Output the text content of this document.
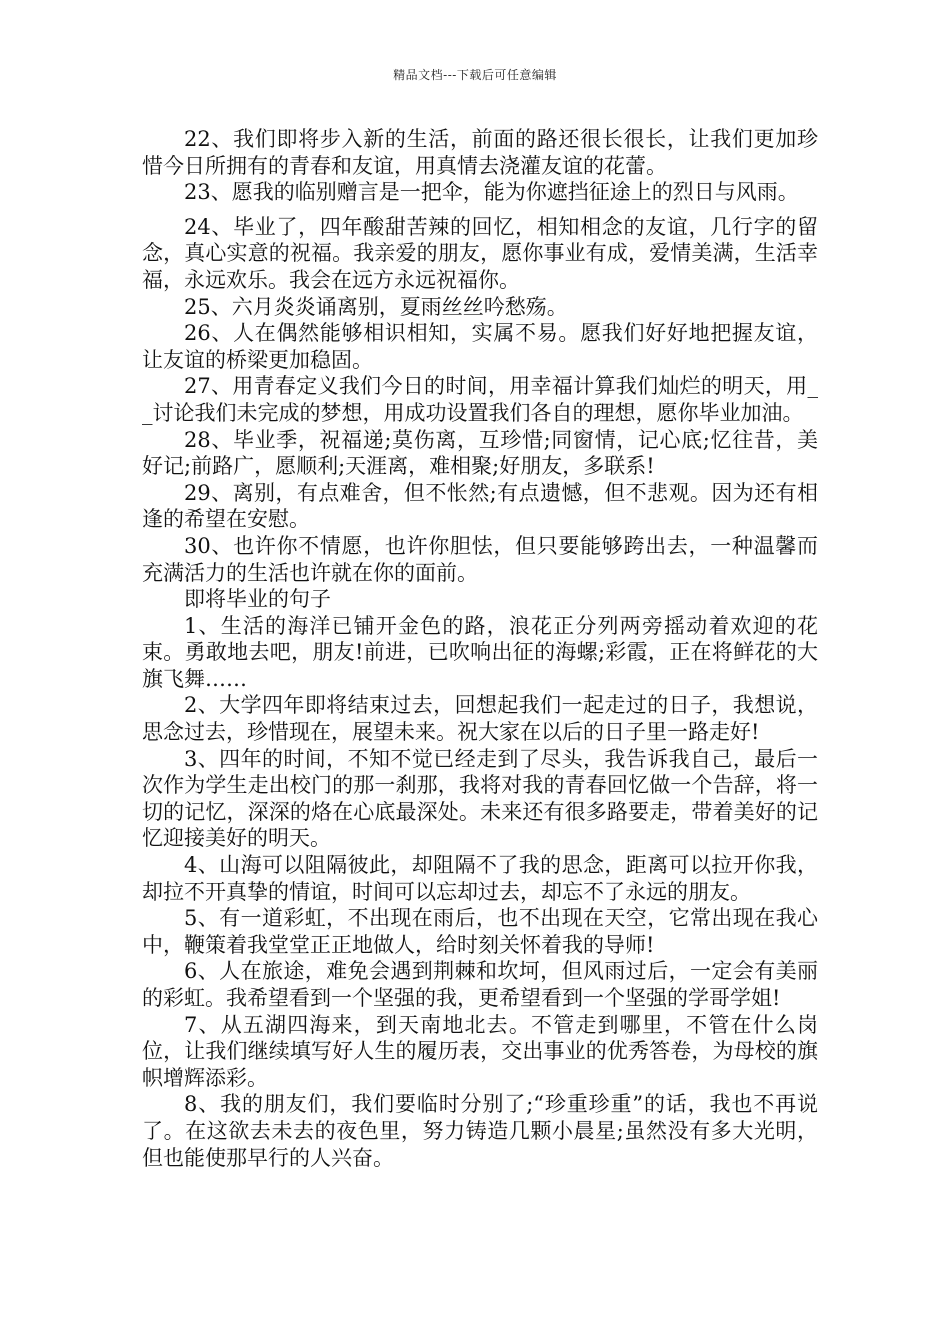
精品文档---下载后可任意编辑

22、我们即将步入新的生活，前面的路还很长很长，让我们更加珍惜今日所拥有的青春和友谊，用真情去浇灌友谊的花蕾。

23、愿我的临别赠言是一把伞，能为你遮挡征途上的烈日与风雨。

24、毕业了，四年酸甜苦辣的回忆，相知相念的友谊，几行字的留念，真心实意的祝福。我亲爱的朋友，愿你事业有成，爱情美满，生活幸福，永远欢乐。我会在远方永远祝福你。

25、六月炎炎诵离别，夏雨丝丝吟愁殇。

26、人在偶然能够相识相知，实属不易。愿我们好好地把握友谊，让友谊的桥梁更加稳固。

27、用青春定义我们今日的时间，用幸福计算我们灿烂的明天，用__讨论我们未完成的梦想，用成功设置我们各自的理想，愿你毕业加油。

28、毕业季，祝福递;莫伤离，互珍惜;同窗情，记心底;忆往昔，美好记;前路广，愿顺利;天涯离，难相聚;好朋友，多联系!

29、离别，有点难舍，但不怅然;有点遗憾，但不悲观。因为还有相逢的希望在安慰。

30、也许你不情愿，也许你胆怯，但只要能够跨出去，一种温馨而充满活力的生活也许就在你的面前。

即将毕业的句子

1、生活的海洋已铺开金色的路，浪花正分列两旁摇动着欢迎的花束。勇敢地去吧，朋友!前进，已吹响出征的海螺;彩霞，正在将鲜花的大旗飞舞……

2、大学四年即将结束过去，回想起我们一起走过的日子，我想说，思念过去，珍惜现在，展望未来。祝大家在以后的日子里一路走好!

3、四年的时间，不知不觉已经走到了尽头，我告诉我自己，最后一次作为学生走出校门的那一刹那，我将对我的青春回忆做一个告辞，将一切的记忆，深深的烙在心底最深处。未来还有很多路要走，带着美好的记忆迎接美好的明天。

4、山海可以阻隔彼此，却阻隔不了我的思念，距离可以拉开你我，却拉不开真挚的情谊，时间可以忘却过去，却忘不了永远的朋友。

5、有一道彩虹，不出现在雨后，也不出现在天空，它常出现在我心中，鞭策着我堂堂正正地做人，给时刻关怀着我的导师!

6、人在旅途，难免会遇到荆棘和坎坷，但风雨过后，一定会有美丽的彩虹。我希望看到一个坚强的我，更希望看到一个坚强的学哥学姐!

7、从五湖四海来，到天南地北去。不管走到哪里，不管在什么岗位，让我们继续填写好人生的履历表，交出事业的优秀答卷，为母校的旗帜增辉添彩。

8、我的朋友们，我们要临时分别了;“珍重珍重”的话，我也不再说了。在这欲去未去的夜色里，努力铸造几颗小晨星;虽然没有多大光明，但也能使那早行的人兴奋。
